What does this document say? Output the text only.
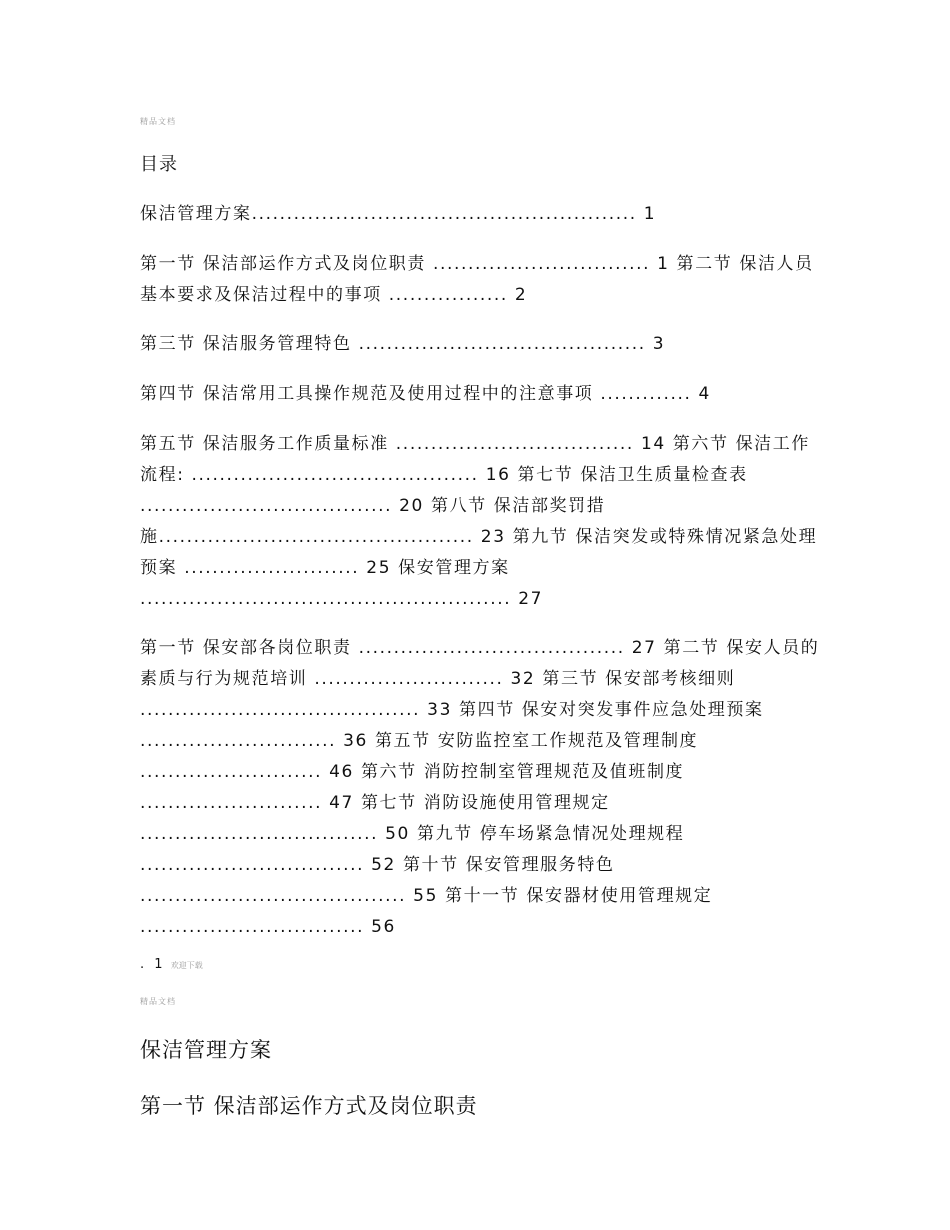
精品文档
目录
保洁管理方案....................................................... 1
第一节 保洁部运作方式及岗位职责 ............................... 1 第二节 保洁人员基本要求及保洁过程中的事项 ................. 2
第三节 保洁服务管理特色 ......................................... 3
第四节 保洁常用工具操作规范及使用过程中的注意事项 ............. 4
第五节 保洁服务工作质量标准 .................................. 14 第六节 保洁工作流程: ......................................... 16 第七节 保洁卫生质量检查表 .................................... 20 第八节 保洁部奖罚措施............................................. 23 第九节 保洁突发或特殊情况紧急处理预案 ......................... 25 保安管理方案 ..................................................... 27
第一节 保安部各岗位职责 ...................................... 27 第二节 保安人员的素质与行为规范培训 ........................... 32 第三节 保安部考核细则 ........................................ 33 第四节 保安对突发事件应急处理预案 ............................ 36 第五节 安防监控室工作规范及管理制度 .......................... 46 第六节 消防控制室管理规范及值班制度 .......................... 47 第七节 消防设施使用管理规定 .................................. 50 第九节 停车场紧急情况处理规程 ................................ 52 第十节 保安管理服务特色 ...................................... 55 第十一节 保安器材使用管理规定 ................................ 56
. 1 欢迎下载
精品文档
保洁管理方案
第一节 保洁部运作方式及岗位职责
